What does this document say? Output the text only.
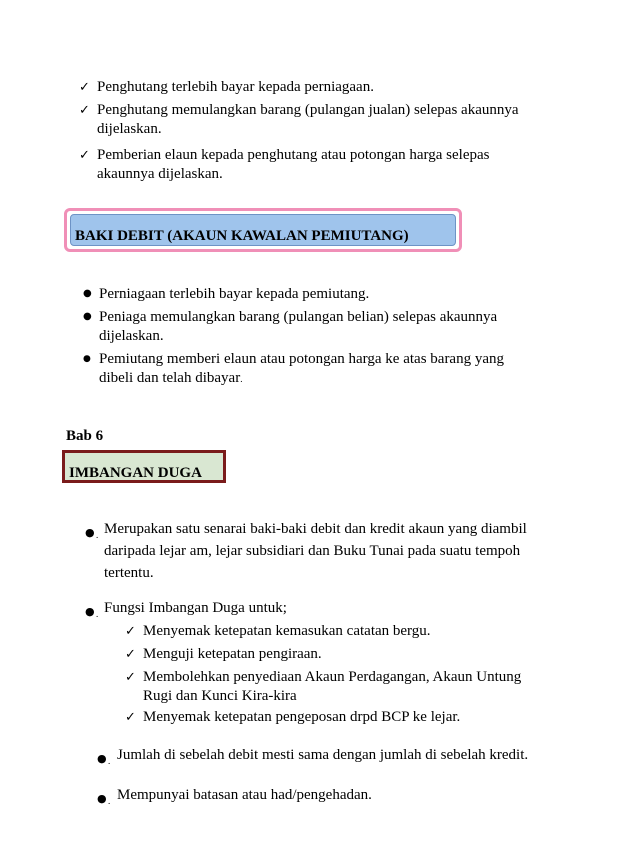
✓ Penghutang terlebih bayar kepada perniagaan.
✓ Penghutang memulangkan barang (pulangan jualan) selepas akaunnya
dijelaskan.
✓ Pemberian elaun kepada penghutang atau potongan harga selepas
akaunnya dijelaskan.
BAKI DEBIT (AKAUN KAWALAN PEMIUTANG)
● Perniagaan terlebih bayar kepada pemiutang.
● Peniaga memulangkan barang (pulangan belian) selepas akaunnya
dijelaskan.
● Pemiutang memberi elaun atau potongan harga ke atas barang yang
dibeli dan telah dibayar.
Bab 6
IMBANGAN DUGA
● . Merupakan satu senarai baki-baki debit dan kredit akaun yang diambil
daripada lejar am, lejar subsidiari dan Buku Tunai pada suatu tempoh
tertentu.
● . Fungsi Imbangan Duga untuk;
✓ Menyemak ketepatan kemasukan catatan bergu.
✓ Menguji ketepatan pengiraan.
✓ Membolehkan penyediaan Akaun Perdagangan, Akaun Untung
Rugi dan Kunci Kira-kira
✓ Menyemak ketepatan pengeposan drpd BCP ke lejar.
● . Jumlah di sebelah debit mesti sama dengan jumlah di sebelah kredit.
● . Mempunyai batasan atau had/pengehadan.
